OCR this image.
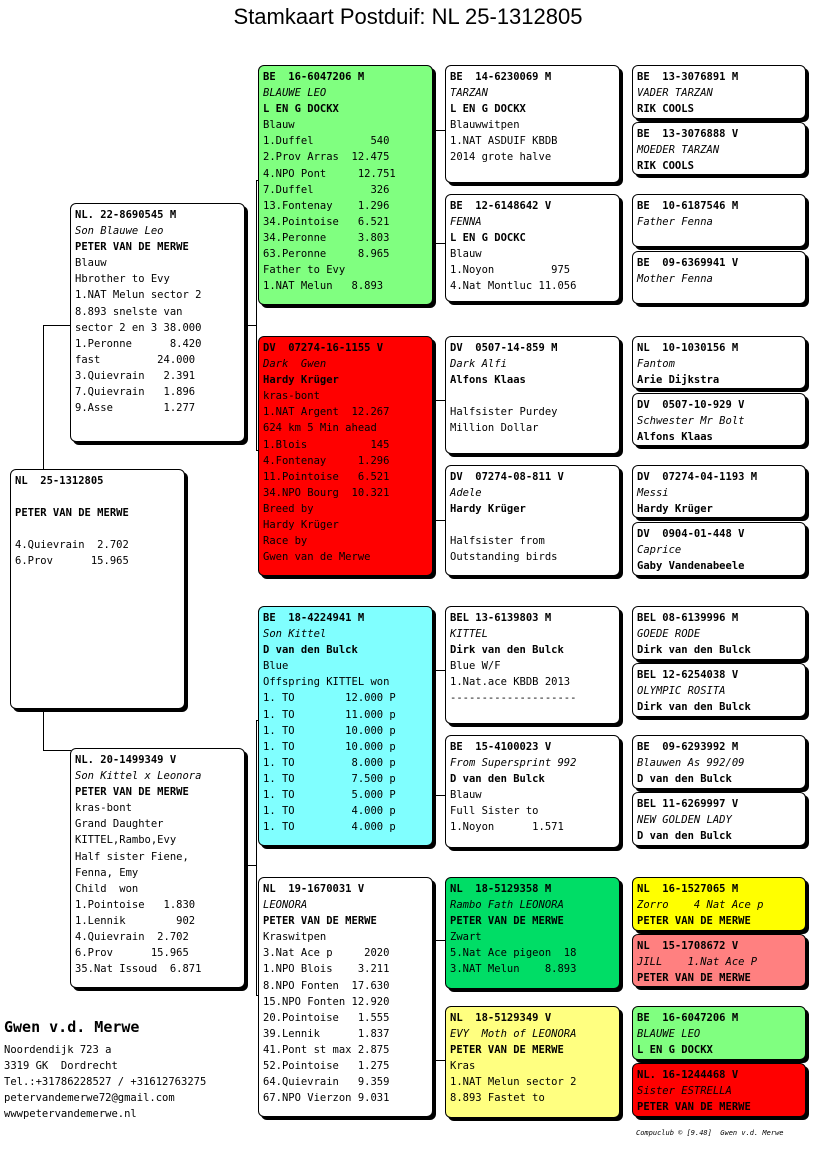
Stamkaart Postduif: NL 25-1312805
NL  25-1312805
PETER VAN DE MERWE
4.Quievrain  2.702
6.Prov      15.965
NL. 22-8690545 M
Son Blauwe Leo
PETER VAN DE MERWE
Blauw
Hbrother to Evy
1.NAT Melun sector 2
8.893 snelste van
sector 2 en 3 38.000
1.Peronne      8.420
fast         24.000
3.Quievrain   2.391
7.Quievrain   1.896
9.Asse        1.277
NL. 20-1499349 V
Son Kittel x Leonora
PETER VAN DE MERWE
kras-bont
Grand Daughter
KITTEL,Rambo,Evy
Half sister Fiene,
Fenna, Emy
Child  won
1.Pointoise   1.830
1.Lennik        902
4.Quievrain  2.702
6.Prov      15.965
35.Nat Issoud  6.871
BE  16-6047206 M
BLAUWE LEO
L EN G DOCKX
Blauw
1.Duffel         540
2.Prov Arras  12.475
4.NPO Pont     12.751
7.Duffel         326
13.Fontenay    1.296
34.Pointoise   6.521
34.Peronne     3.803
63.Peronne     8.965
Father to Evy
1.NAT Melun   8.893
DV  07274-16-1155 V
Dark  Gwen
Hardy Krüger
kras-bont
1.NAT Argent  12.267
624 km 5 Min ahead
1.Blois          145
4.Fontenay     1.296
11.Pointoise   6.521
34.NPO Bourg  10.321
Breed by
Hardy Krüger
Race by
Gwen van de Merwe
BE  18-4224941 M
Son Kittel
D van den Bulck
Blue
Offspring KITTEL won
1. TO        12.000 P
1. TO        11.000 p
1. TO        10.000 p
1. TO        10.000 p
1. TO         8.000 p
1. TO         7.500 p
1. TO         5.000 P
1. TO         4.000 p
1. TO         4.000 p
NL  19-1670031 V
LEONORA
PETER VAN DE MERWE
Kraswitpen
3.Nat Ace p     2020
1.NPO Blois    3.211
8.NPO Fonten  17.630
15.NPO Fonten 12.920
20.Pointoise   1.555
39.Lennik      1.837
41.Pont st max 2.875
52.Pointoise   1.275
64.Quievrain   9.359
67.NPO Vierzon 9.031
BE  14-6230069 M
TARZAN
L EN G DOCKX
Blauwwitpen
1.NAT ASDUIF KBDB
2014 grote halve
BE  12-6148642 V
FENNA
L EN G DOCKC
Blauw
1.Noyon         975
4.Nat Montluc 11.056
DV  0507-14-859 M
Dark Alfi
Alfons Klaas
Halfsister Purdey
Million Dollar
DV  07274-08-811 V
Adele
Hardy Krüger
Halfsister from
Outstanding birds
BEL 13-6139803 M
KITTEL
Dirk van den Bulck
Blue W/F
1.Nat.ace KBDB 2013
--------------------
BE  15-4100023 V
From Supersprint 992
D van den Bulck
Blauw
Full Sister to
1.Noyon      1.571
NL  18-5129358 M
Rambo Fath LEONORA
PETER VAN DE MERWE
Zwart
5.Nat Ace pigeon  18
3.NAT Melun    8.893
NL  18-5129349 V
EVY  Moth of LEONORA
PETER VAN DE MERWE
Kras
1.NAT Melun sector 2
8.893 Fastet to
BE  13-3076891 M
VADER TARZAN
RIK COOLS
BE  13-3076888 V
MOEDER TARZAN
RIK COOLS
BE  10-6187546 M
Father Fenna
BE  09-6369941 V
Mother Fenna
NL  10-1030156 M
Fantom
Arie Dijkstra
DV  0507-10-929 V
Schwester Mr Bolt
Alfons Klaas
DV  07274-04-1193 M
Messi
Hardy Krüger
DV  0904-01-448 V
Caprice
Gaby Vandenabeele
BEL 08-6139996 M
GOEDE RODE
Dirk van den Bulck
BEL 12-6254038 V
OLYMPIC ROSITA
Dirk van den Bulck
BE  09-6293992 M
Blauwen As 992/09
D van den Bulck
BEL 11-6269997 V
NEW GOLDEN LADY
D van den Bulck
NL  16-1527065 M
Zorro    4 Nat Ace p
PETER VAN DE MERWE
NL  15-1708672 V
JILL    1.Nat Ace P
PETER VAN DE MERWE
BE  16-6047206 M
BLAUWE LEO
L EN G DOCKX
NL. 16-1244468 V
Sister ESTRELLA
PETER VAN DE MERWE
Gwen v.d. Merwe
Noordendijk 723 a
3319 GK  Dordrecht
Tel.:+31786228527 / +31612763275
petervandemerwe72@gmail.com
wwwpetervandemerwe.nl
Compuclub © [9.48]  Gwen v.d. Merwe
